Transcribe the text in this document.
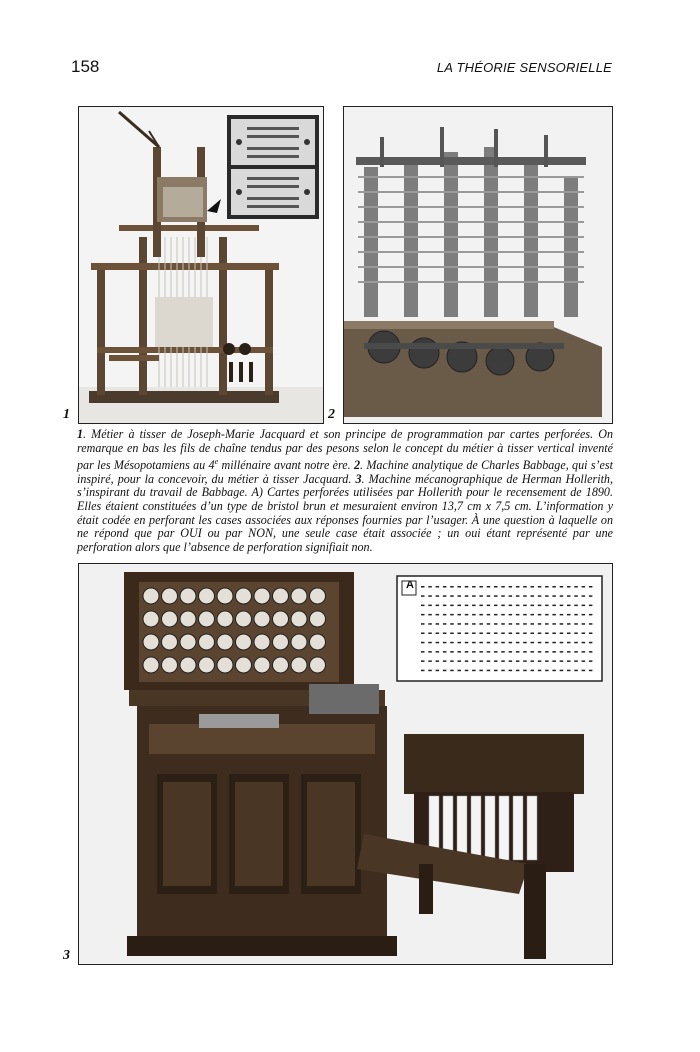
158	LA THÉORIE SENSORIELLE
1	2

1. Métier à tisser de Joseph-Marie Jacquard et son principe de programmation par cartes perforées. On remarque en bas les fils de chaîne tendus par des pesons selon le concept du métier à tisser vertical inventé par les Mésopotamiens au 4e millénaire avant notre ère. 2. Machine analytique de Charles Babbage, qui s’est inspiré, pour la concevoir, du métier à tisser Jacquard. 3. Machine mécanographique de Herman Hollerith, s’inspirant du travail de Babbage. A) Cartes perforées utilisées par Hollerith pour le recensement de 1890. Elles étaient constituées d’un type de bristol brun et mesuraient environ 13,7 cm x 7,5 cm. L’information y était codée en perforant les cases associées aux réponses fournies par l’usager. À une question à laquelle on ne répond que par OUI ou par NON, une seule case était associée ; un oui étant représenté par une perforation alors que l’absence de perforation signifiait non.

A
3
